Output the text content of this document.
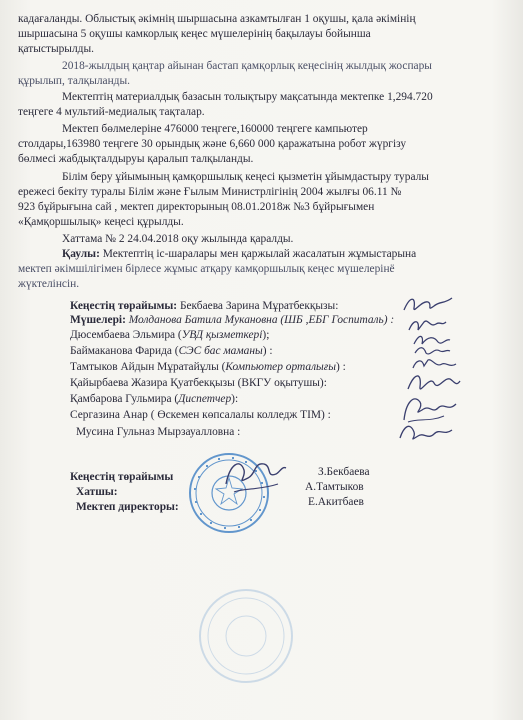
кадағаланды. Облыстық әкімнің шыршасына азкамтылған 1 оқушы, қала әкімінің
шыршасына 5 оқушы камкорлық кеңес мүшелерінің бақылауы бойынша
қатыстырылды.
2018-жылдың қаңтар айынан бастап қамқорлық кеңесінің жылдық жоспары
құрылып, талқыланды.
Мектептің материалдық базасын толықтыру мақсатында мектепке 1,294.720
теңгеге 4 мультий-медиалық тақталар.
Мектеп бөлмелеріне 476000 теңгеге,160000 теңгеге кампьютер
столдары,163980 теңгеге 30 орындық және 6,660 000 қаражатына робот жүргізу
бөлмесі жабдықталдыруы қаралып талқыланды.
Білім беру ұйымының қамқоршылық кеңесі қызметін ұйымдастыру туралы
ережесі бекіту туралы Білім және Ғылым Министрлігінің 2004 жылғы 06.11 №
923 бұйрығына сай , мектеп директорының 08.01.2018ж №3 бұйрығымен
«Қамқоршылық» кеңесі құрылды.
Хаттама № 2 24.04.2018 оқу жылында қаралды.
Қаулы: Мектептің іс-шаралары мен қаржылай жасалатын жұмыстарына
мектеп әкімшілігімен бірлесе жұмыс атқару камқоршылық кеңес мүшелерінё
жүктелінсін.
Кеңестің төрайымы: Бекбаева Зарина Мұратбекқызы:
Мүшелері: Молданова Батила Мукановна (ШБ ,ЕБГ Госпиталь) :
Дюсембаева Эльмира (УВД қызметкері);
Баймаканова Фарида (СЭС бас маманы) :
Тамтыков Айдын Мұратайұлы (Компьютер орталығы) :
Қайырбаева Жазира Қуатбекқызы (ВКГУ оқытушы):
Қамбарова Гульмира (Диспетчер):
Сергазина Анар ( Өскемен көпсалалы колледж ТІМ) :
Мусина Гульназ Мырзауалловна :
Кеңестің төрайымы
Хатшы:
Мектеп директоры:
З.Бекбаева
А.Тамтыков
Е.Акитбаев
